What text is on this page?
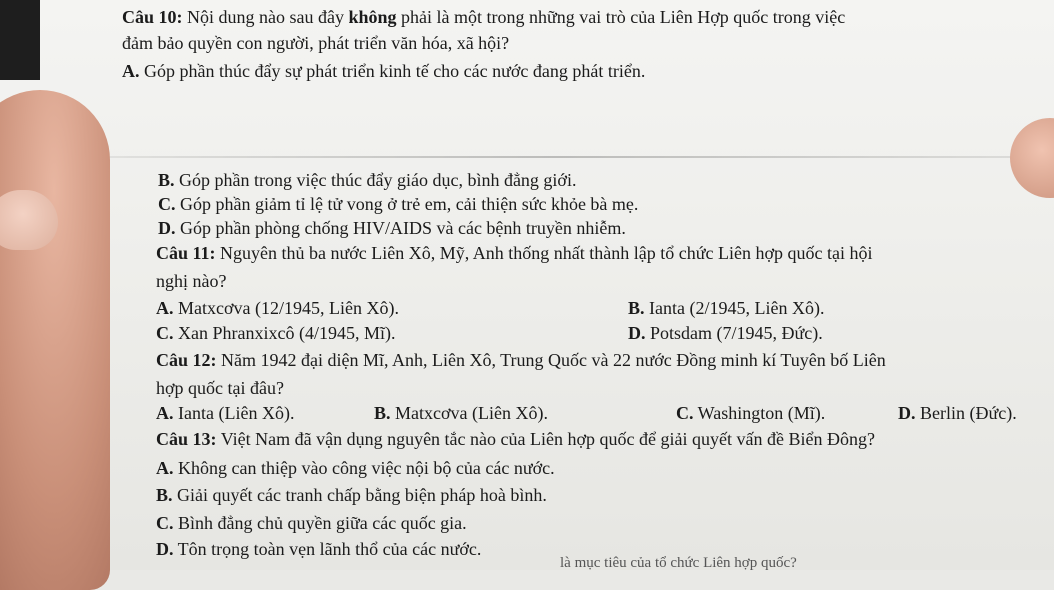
Câu 10: Nội dung nào sau đây không phải là một trong những vai trò của Liên Hợp quốc trong việc
đảm bảo quyền con người, phát triển văn hóa, xã hội?
A. Góp phần thúc đẩy sự phát triển kinh tế cho các nước đang phát triển.
B. Góp phần trong việc thúc đẩy giáo dục, bình đẳng giới.
C. Góp phần giảm tỉ lệ tử vong ở trẻ em, cải thiện sức khỏe bà mẹ.
D. Góp phần phòng chống HIV/AIDS và các bệnh truyền nhiễm.
Câu 11: Nguyên thủ ba nước Liên Xô, Mỹ, Anh thống nhất thành lập tổ chức Liên hợp quốc tại hội
nghị nào?
A. Matxcơva (12/1945, Liên Xô).	B. Ianta (2/1945, Liên Xô).
C. Xan Phranxixcô (4/1945, Mĩ).	D. Potsdam (7/1945, Đức).
Câu 12: Năm 1942 đại diện Mĩ, Anh, Liên Xô, Trung Quốc và 22 nước Đồng minh kí Tuyên bố Liên
hợp quốc tại đâu?
A. Ianta (Liên Xô).	B. Matxcơva (Liên Xô).	C. Washington (Mĩ).	D. Berlin (Đức).
Câu 13: Việt Nam đã vận dụng nguyên tắc nào của Liên hợp quốc để giải quyết vấn đề Biển Đông?
A. Không can thiệp vào công việc nội bộ của các nước.
B. Giải quyết các tranh chấp bằng biện pháp hoà bình.
C. Bình đẳng chủ quyền giữa các quốc gia.
D. Tôn trọng toàn vẹn lãnh thổ của các nước.
là mục tiêu của tổ chức Liên hợp quốc?
